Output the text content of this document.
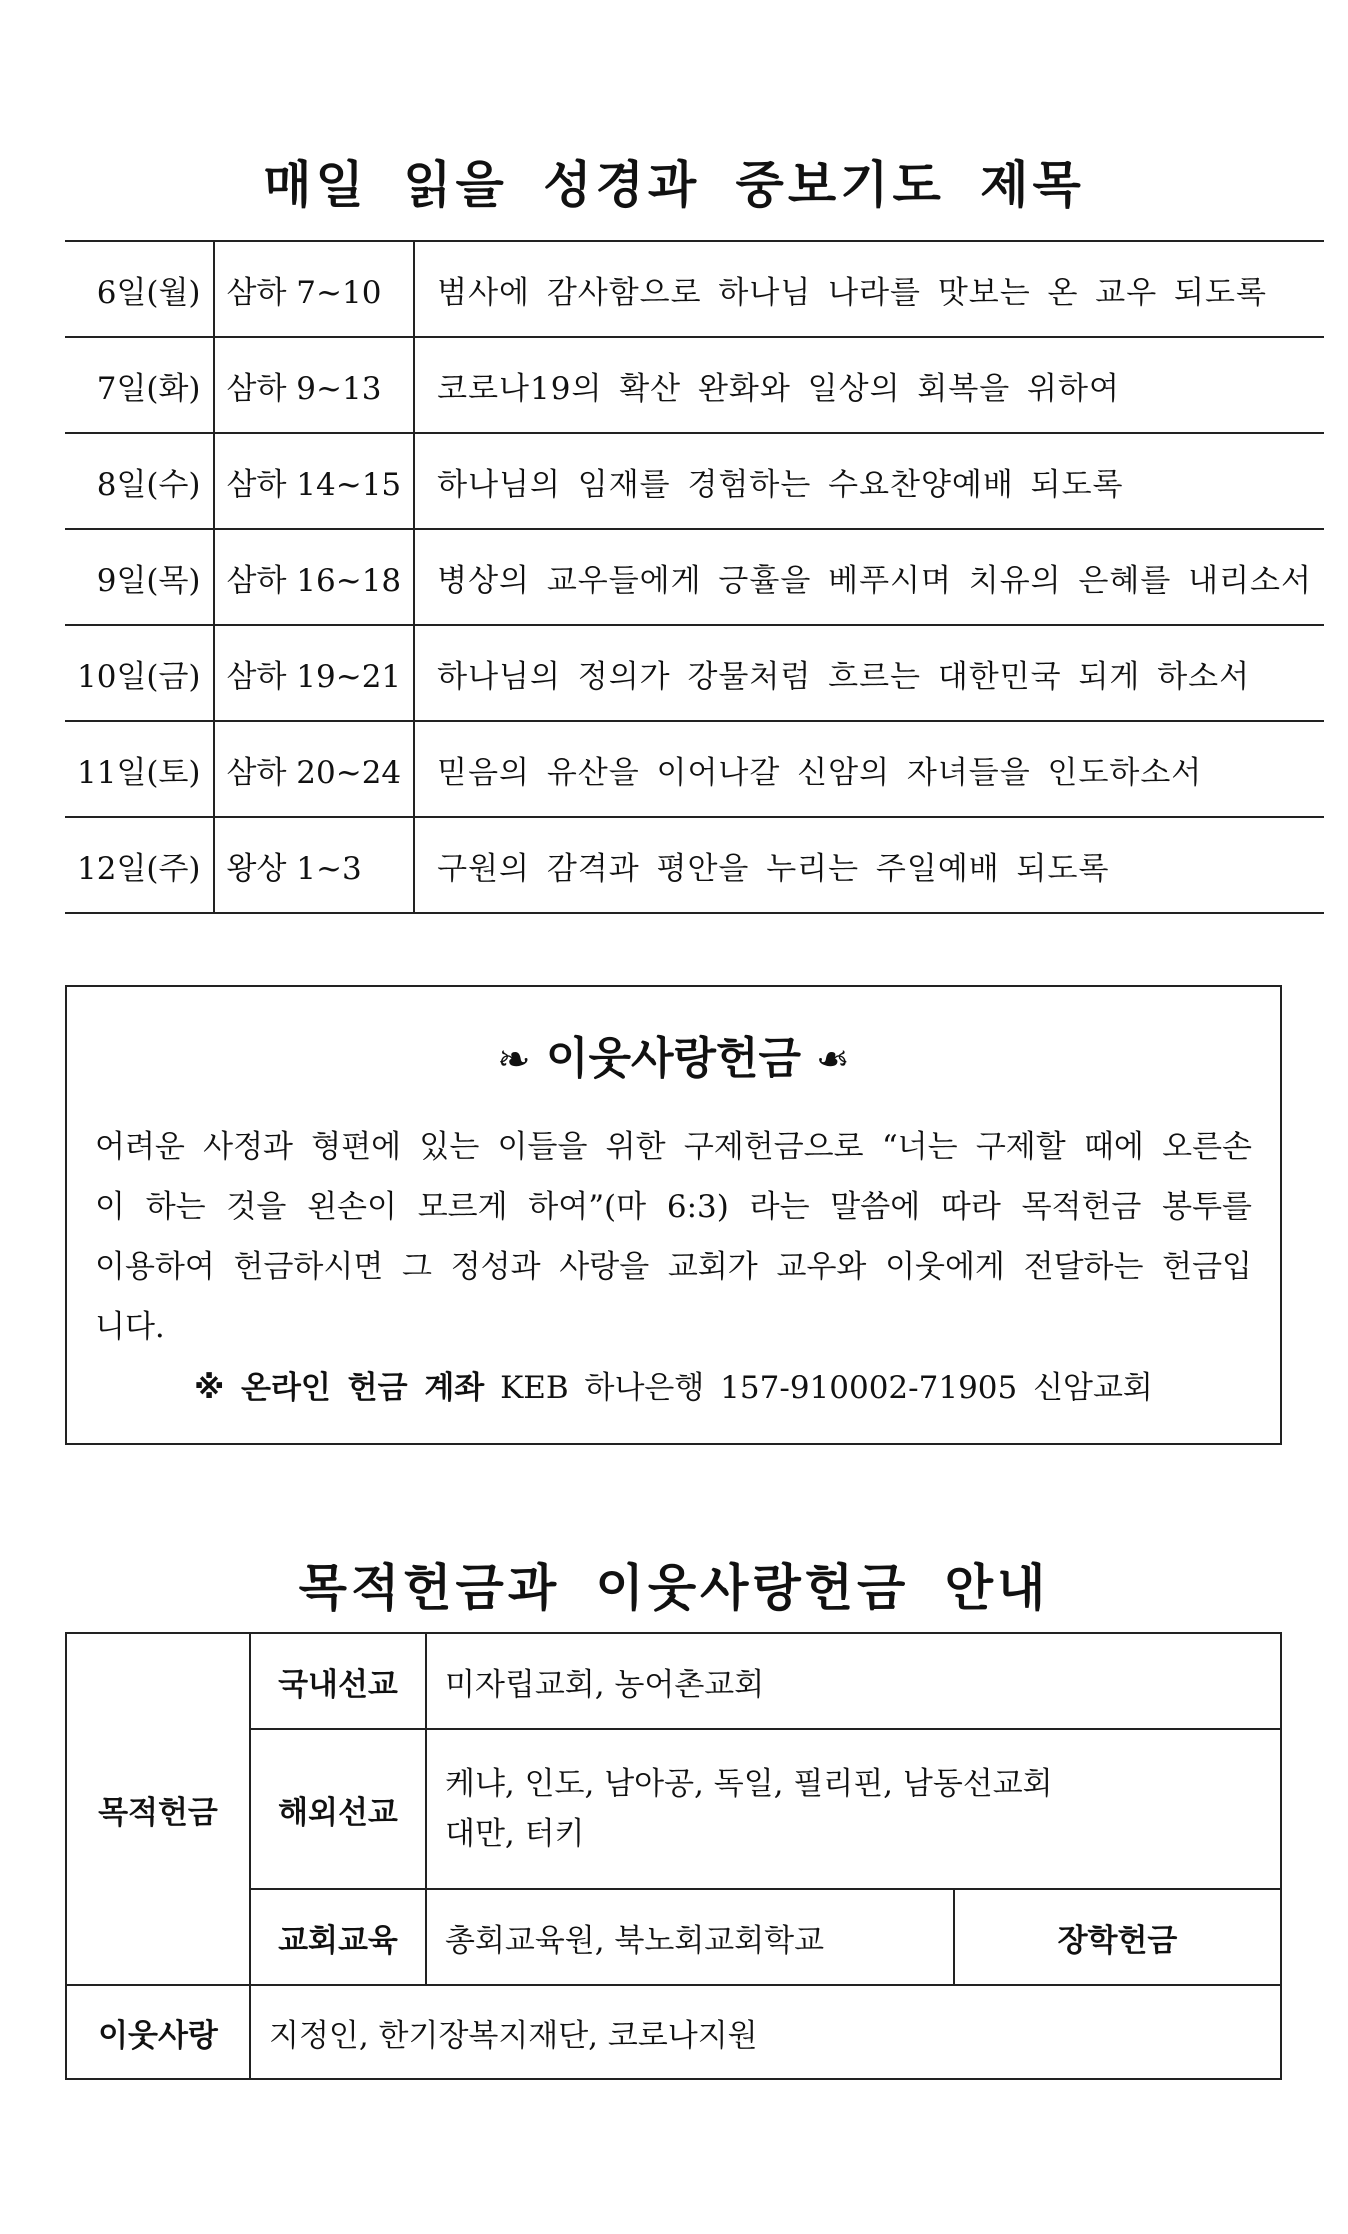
매일 읽을 성경과 중보기도 제목
6일(월)	삼하 7~10	범사에 감사함으로 하나님 나라를 맛보는 온 교우 되도록
7일(화)	삼하 9~13	코로나19의 확산 완화와 일상의 회복을 위하여
8일(수)	삼하 14~15	하나님의 임재를 경험하는 수요찬양예배 되도록
9일(목)	삼하 16~18	병상의 교우들에게 긍휼을 베푸시며 치유의 은혜를 내리소서
10일(금)	삼하 19~21	하나님의 정의가 강물처럼 흐르는 대한민국 되게 하소서
11일(토)	삼하 20~24	믿음의 유산을 이어나갈 신암의 자녀들을 인도하소서
12일(주)	왕상 1~3	구원의 감격과 평안을 누리는 주일예배 되도록
❧ 이웃사랑헌금 ❧
어려운 사정과 형편에 있는 이들을 위한 구제헌금으로 “너는 구제할 때에 오른손이 하는 것을 왼손이 모르게 하여”(마 6:3) 라는 말씀에 따라 목적헌금 봉투를 이용하여 헌금하시면 그 정성과 사랑을 교회가 교우와 이웃에게 전달하는 헌금입니다.
※ 온라인 헌금 계좌 KEB 하나은행 157-910002-71905 신암교회
목적헌금과 이웃사랑헌금 안내
목적헌금	국내선교	미자립교회, 농어촌교회	
	해외선교	케냐, 인도, 남아공, 독일, 필리핀, 남동선교회
대만, 터키	

	교회교육	총회교육원, 북노회교회학교	장학헌금
이웃사랑	지정인, 한기장복지재단, 코로나지원		
